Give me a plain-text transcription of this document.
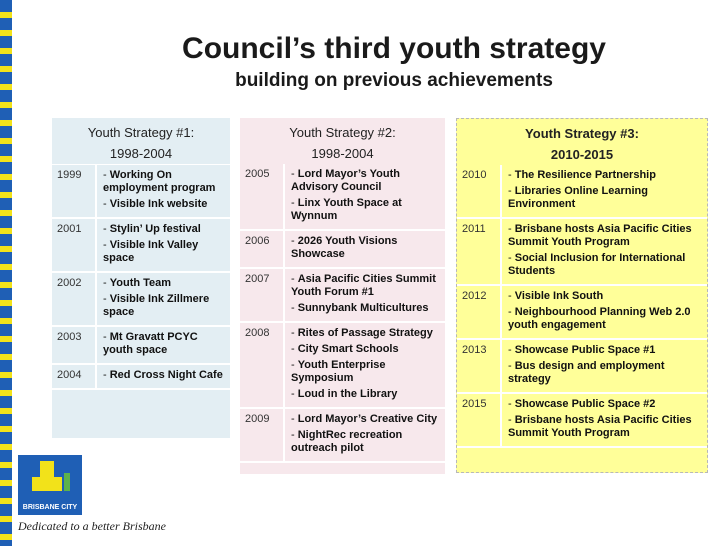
Council’s third youth strategy
building on previous achievements
Youth Strategy #1:
1998-2004
1999	- Working On employment program
- Visible Ink website

2001	- Stylin’ Up festival
- Visible Ink Valley space

2002	- Youth Team
- Visible Ink Zillmere space

2003	- Mt Gravatt PCYC youth space

2004	- Red Cross Night Cafe
Youth Strategy #2:
1998-2004
2005	- Lord Mayor’s Youth Advisory Council
- Linx Youth Space at Wynnum

2006	- 2026 Youth Visions Showcase

2007	- Asia Pacific Cities Summit Youth Forum #1
- Sunnybank Multicultures

2008	- Rites of Passage Strategy
- City Smart Schools
- Youth Enterprise Symposium
- Loud in the Library

2009	- Lord Mayor’s Creative City
- NightRec recreation outreach pilot
Youth Strategy #3:
2010-2015
2010	- The Resilience Partnership
- Libraries Online Learning Environment

2011	- Brisbane hosts Asia Pacific Cities Summit Youth Program
- Social Inclusion for International Students

2012	- Visible Ink South
- Neighbourhood Planning Web 2.0 youth engagement

2013	- Showcase Public Space #1
- Bus design and employment strategy

2015	- Showcase Public Space #2
- Brisbane hosts Asia Pacific Cities Summit Youth Program
BRISBANE CITY
Dedicated to a better Brisbane
